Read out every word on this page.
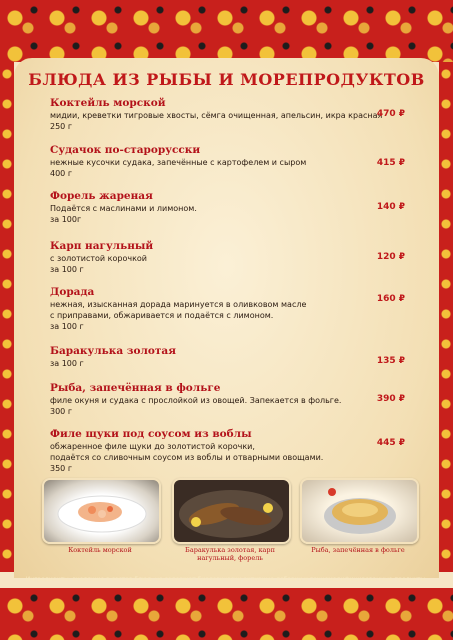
БЛЮДА ИЗ РЫБЫ И МОРЕПРОДУКТОВ
Коктейль морской
мидии, креветки тигровые хвосты, сёмга очищенная, апельсин, икра красная
250 г
470 ₽
Судачок по-старорусски
нежные кусочки судака, запечённые с картофелем и сыром
400 г
415 ₽
Форель жареная
Подаётся с маслинами и лимоном.
за 100г
140 ₽
Карп нагульный
с золотистой корочкой
за 100 г
120 ₽
Дорада
нежная, изысканная дорада маринуется в оливковом масле
с приправами, обжаривается и подаётся с лимоном.
за 100 г
160 ₽
Баракулька золотая
за 100 г	135 ₽
Рыба, запечённая в фольге
филе окуня и судака с прослойкой из овощей. Запекается в фольге.
300 г
390 ₽
Филе щуки под соусом из воблы
обжаренное филе щуки до золотистой корочки,
подаётся со сливочным соусом из воблы и отварными овощами.
350 г
445 ₽
Коктейль морской	Баракулька золотая, карп нагульный, форель
Рыба, запечённая в фольге
Ингредиенты, входящие в состав блюд, не содержат биологически активные добавки и генномодифицированные продукты.
